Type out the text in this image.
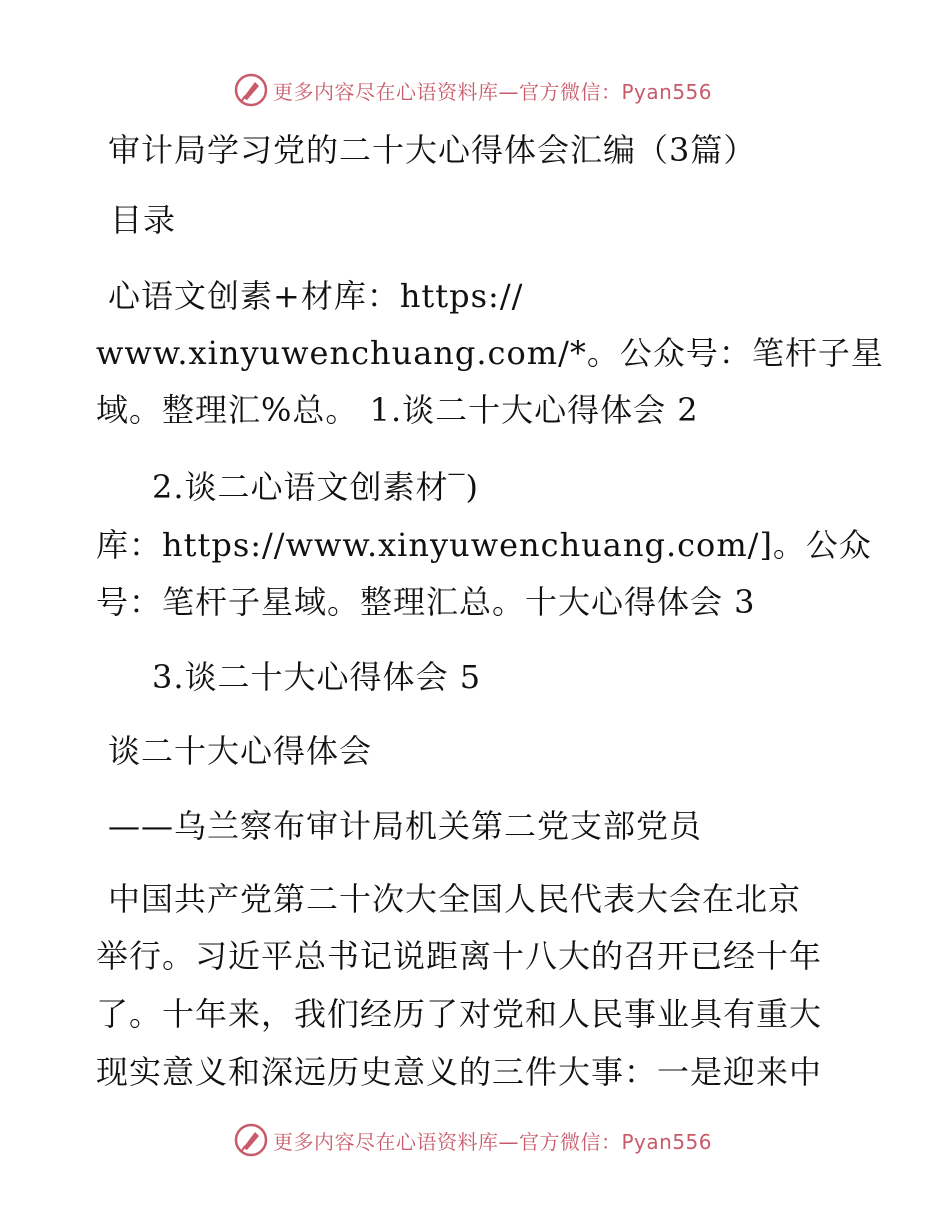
更多内容尽在心语资料库—官方微信：Pyan556
审计局学习党的二十大心得体会汇编（3篇）
目录
心语文创素+材库：https://
www.xinyuwenchuang.com/*。公众号：笔杆子星
域。整理汇%总。 1.谈二十大心得体会 2
2.谈二心语文创素材‾)
库：https://www.xinyuwenchuang.com/]。公众
号：笔杆子星域。整理汇总。十大心得体会 3
3.谈二十大心得体会 5
谈二十大心得体会
——乌兰察布审计局机关第二党支部党员
中国共产党第二十次大全国人民代表大会在北京
举行。习近平总书记说距离十八大的召开已经十年
了。十年来，我们经历了对党和人民事业具有重大
现实意义和深远历史意义的三件大事：一是迎来中
更多内容尽在心语资料库—官方微信：Pyan556
